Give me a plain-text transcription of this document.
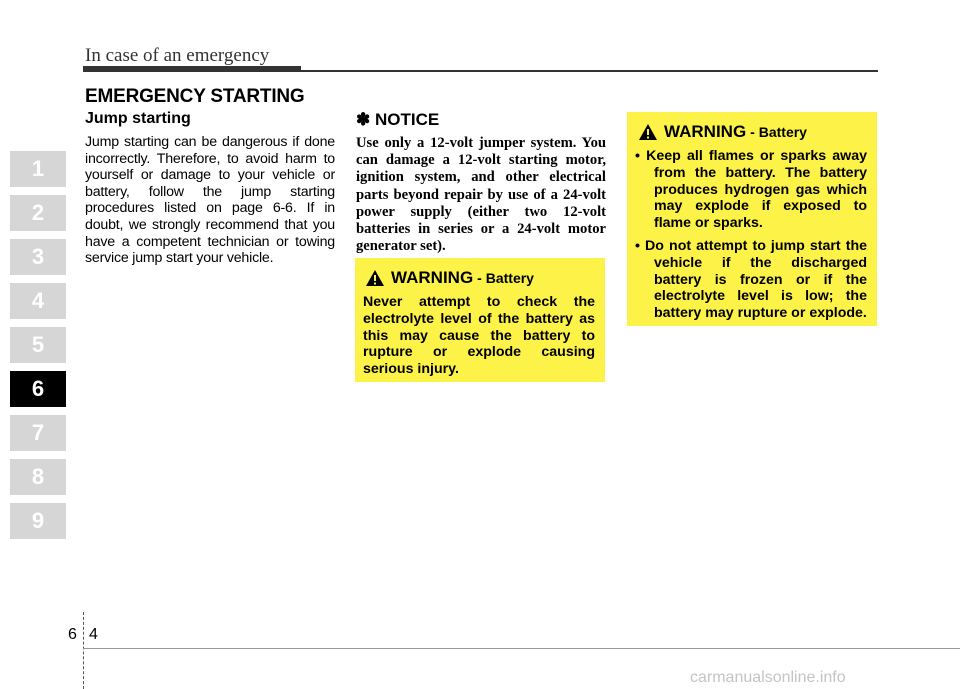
In case of an emergency
EMERGENCY STARTING
1
2
3
4
5
6
7
8
9

Jump starting

Jump starting can be dangerous if done incorrectly. Therefore, to avoid harm to yourself or damage to your vehicle or battery, follow the jump starting procedures listed on page 6-6. If in doubt, we strongly recommend that you have a competent technician or towing service jump start your vehicle.

✽ NOTICE

Use only a 12-volt jumper system. You can damage a 12-volt starting motor, ignition system, and other electrical parts beyond repair by use of a 24-volt power supply (either two 12-volt batteries in series or a 24-volt motor generator set).

WARNING - Battery

Never attempt to check the electrolyte level of the battery as this may cause the battery to rupture or explode causing serious injury.

WARNING - Battery
• Keep all flames or sparks away from the battery. The battery produces hydrogen gas which may explode if exposed to flame or sparks.
• Do not attempt to jump start the vehicle if the discharged battery is frozen or if the electrolyte level is low; the battery may rupture or explode.
6 4
carmanualsonline.info
